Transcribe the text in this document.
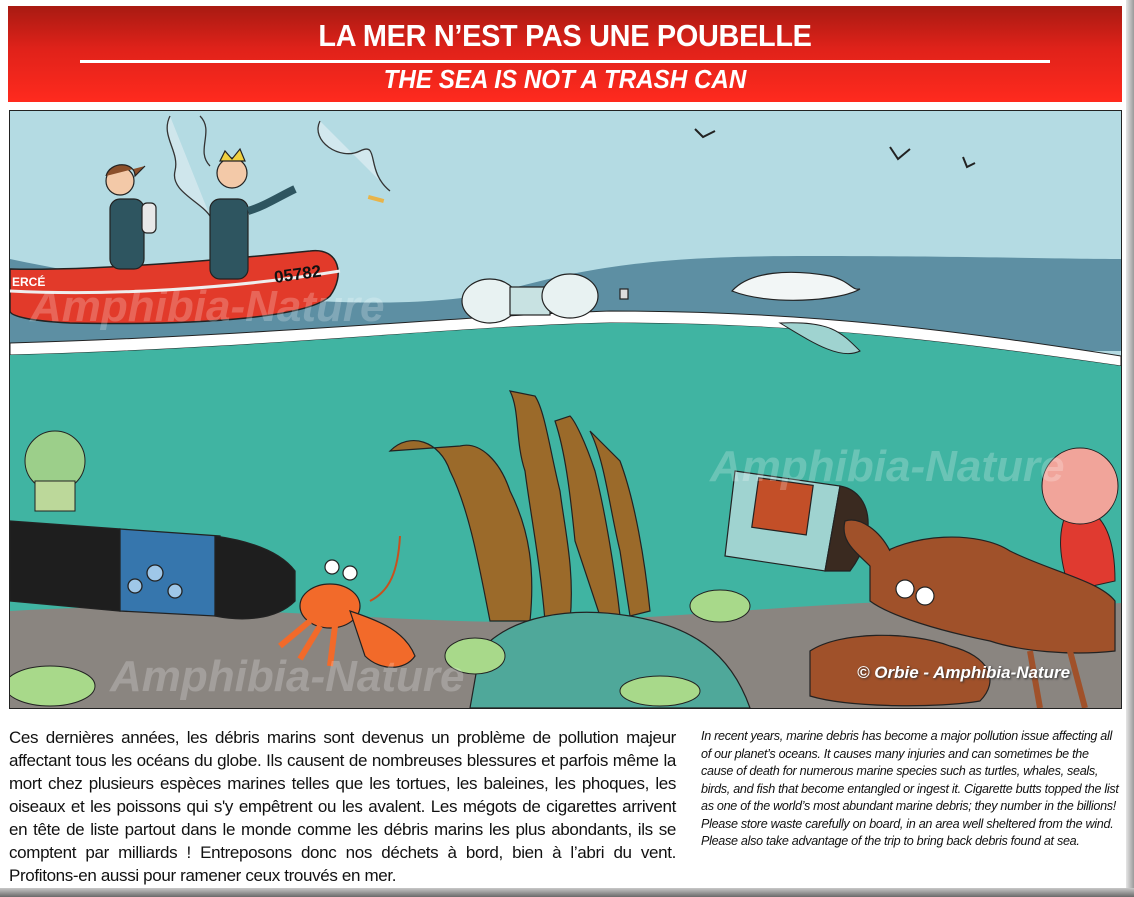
LA MER N’EST PAS UNE POUBELLE
THE SEA IS NOT A TRASH CAN
05782
ERCÉ
Amphibia-Nature
Amphibia-Nature
Amphibia-Nature	© Orbie - Amphibia-Nature
Ces dernières années, les débris marins sont devenus un problème de pollution majeur affectant tous les océans du globe. Ils causent de nombreuses blessures et parfois même la mort chez plusieurs espèces marines telles que les tortues, les baleines, les phoques, les oiseaux et les poissons qui s'y empêtrent ou les avalent. Les mégots de cigarettes arrivent en tête de liste partout dans le monde comme les débris marins les plus abondants, ils se comptent par milliards ! Entreposons donc nos déchets à bord, bien à l’abri du vent. Profitons-en aussi pour ramener ceux trouvés en mer.
In recent years, marine debris has become a major pollution issue affecting all of our planet’s oceans. It causes many injuries and can sometimes be the cause of death for numerous marine species such as turtles, whales, seals, birds, and fish that become entangled or ingest it. Cigarette butts topped the list as one of the world’s most abundant marine debris; they number in the billions! Please store waste carefully on board, in an area well sheltered from the wind. Please also take advantage of the trip to bring back debris found at sea.
